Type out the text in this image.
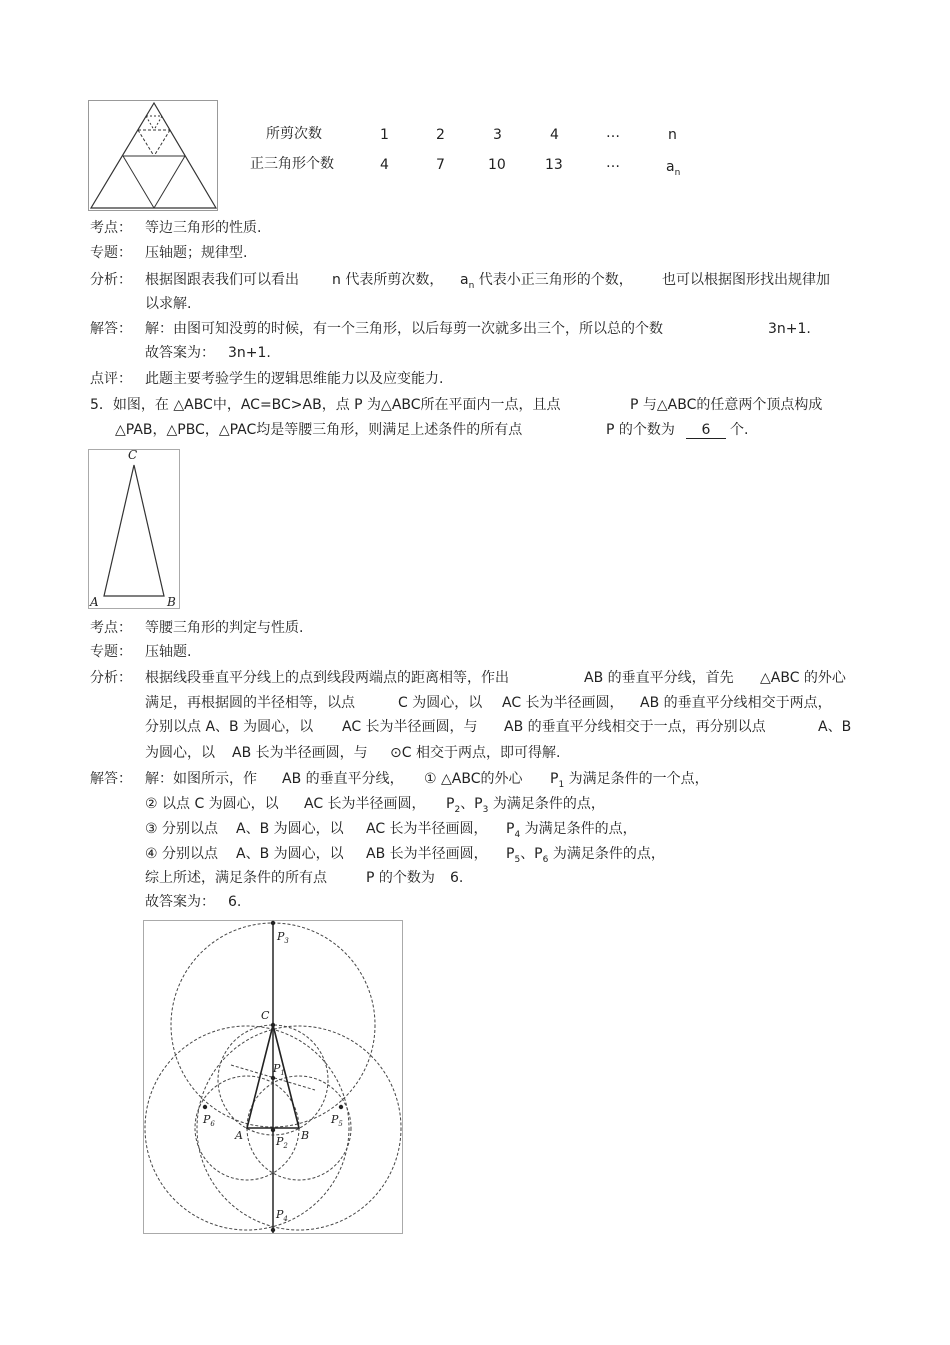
所剪次数	1	2	3	4	…	n
正三角形个数	4	7	10	13	…	$a_n$
考点： 等边三角形的性质.
专题： 压轴题；规律型.
分析： 根据图跟表我们可以看出 n 代表所剪次数， $a_n$ 代表小正三角形的个数， 也可以根据图形找出规律加
以求解.
解答： 解：由图可知没剪的时候，有一个三角形，以后每剪一次就多出三个，所以总的个数	3n+1.
故答案为： 3n+1.
点评： 此题主要考验学生的逻辑思维能力以及应变能力.
5．如图，在 △ABC中，AC=BC>AB，点 P 为△ABC所在平面内一点，且点	P 与△ABC的任意两个顶点构成
△PAB，△PBC，△PAC均是等腰三角形，则满足上述条件的所有点	P 的个数为	6	个.
C
A	B
考点： 等腰三角形的判定与性质.
专题： 压轴题.
分析： 根据线段垂直平分线上的点到线段两端点的距离相等，作出	AB 的垂直平分线，首先 △ABC 的外心
满足，再根据圆的半径相等，以点	C 为圆心，以 AC 长为半径画圆， AB 的垂直平分线相交于两点，
分别以点 A、B 为圆心，以 AC 长为半径画圆，与 AB 的垂直平分线相交于一点，再分别以点	A、B
为圆心，以 AB 长为半径画圆，与 ⊙C 相交于两点，即可得解.
解答： 解：如图所示，作 AB 的垂直平分线， ① △ABC的外心 $P_1$ 为满足条件的一个点，
② 以点 C 为圆心，以 AC 长为半径画圆， $P_2$、$P_3$ 为满足条件的点，
③ 分别以点 A、B 为圆心，以 AC 长为半径画圆， $P_4$ 为满足条件的点，
④ 分别以点 A、B 为圆心，以 AB 长为半径画圆， $P_5$、$P_6$ 为满足条件的点，
综上所述，满足条件的所有点	P 的个数为 6.
故答案为： 6.
$P_3$
C
$P_1$
$P_6$	$P_5$
A	B
$P_2$
$P_4$
